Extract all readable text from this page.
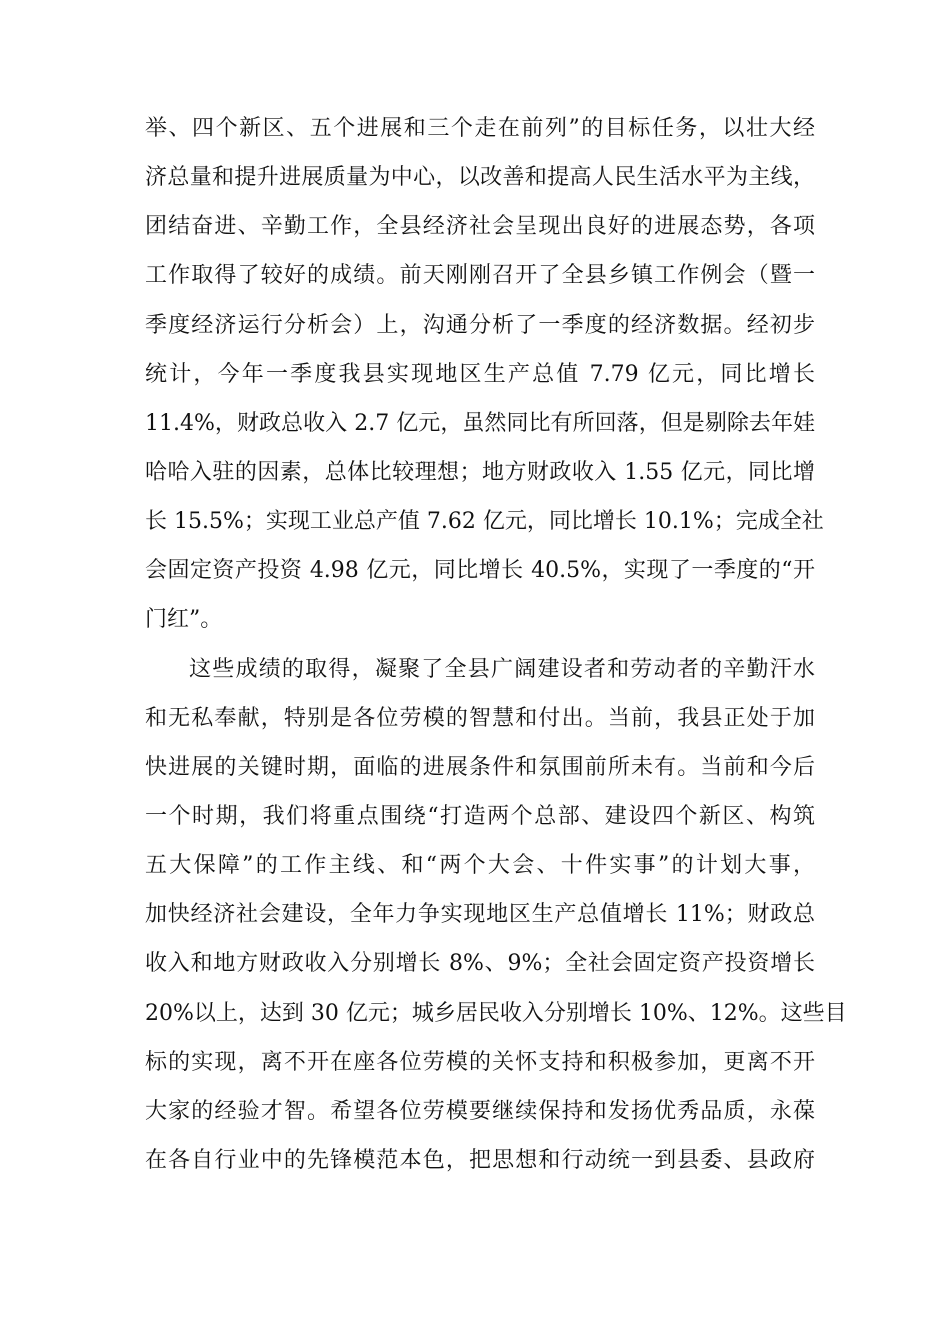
举、四个新区、五个进展和三个走在前列”的目标任务，以壮大经
济总量和提升进展质量为中心，以改善和提高人民生活水平为主线，
团结奋进、辛勤工作，全县经济社会呈现出良好的进展态势，各项
工作取得了较好的成绩。前天刚刚召开了全县乡镇工作例会（暨一
季度经济运行分析会）上，沟通分析了一季度的经济数据。经初步
统计，今年一季度我县实现地区生产总值 7.79 亿元，同比增长
11.4%，财政总收入 2.7 亿元，虽然同比有所回落，但是剔除去年娃
哈哈入驻的因素，总体比较理想；地方财政收入 1.55 亿元，同比增
长 15.5%；实现工业总产值 7.62 亿元，同比增长 10.1%；完成全社
会固定资产投资 4.98 亿元，同比增长 40.5%，实现了一季度的“开
门红”。
这些成绩的取得，凝聚了全县广阔建设者和劳动者的辛勤汗水
和无私奉献，特别是各位劳模的智慧和付出。当前，我县正处于加
快进展的关键时期，面临的进展条件和氛围前所未有。当前和今后
一个时期，我们将重点围绕“打造两个总部、建设四个新区、构筑
五大保障”的工作主线、和“两个大会、十件实事”的计划大事，
加快经济社会建设，全年力争实现地区生产总值增长 11%；财政总
收入和地方财政收入分别增长 8%、9%；全社会固定资产投资增长
20%以上，达到 30 亿元；城乡居民收入分别增长 10%、12%。这些目
标的实现，离不开在座各位劳模的关怀支持和积极参加，更离不开
大家的经验才智。希望各位劳模要继续保持和发扬优秀品质，永葆
在各自行业中的先锋模范本色，把思想和行动统一到县委、县政府
